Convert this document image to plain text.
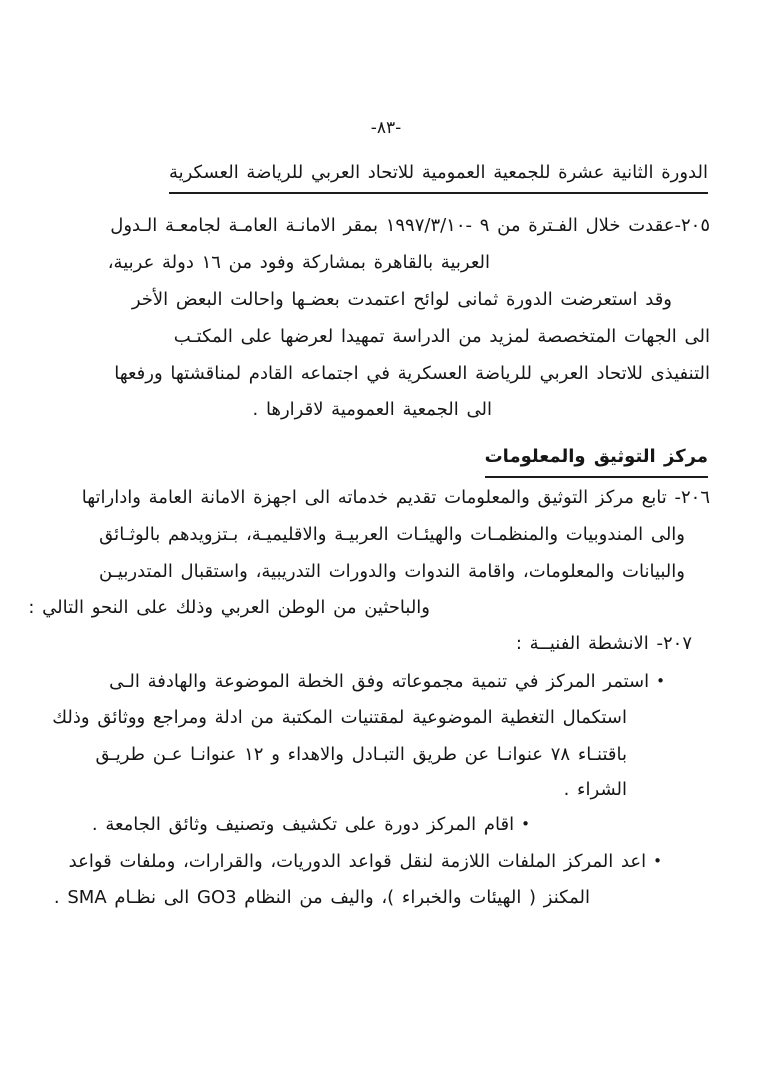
-٨٣-
الدورة الثانية عشرة للجمعية العمومية للاتحاد العربي للرياضة العسكرية
٢٠٥-عقدت خلال الفـترة من ٩ -١٩٩٧/٣/١٠ بمقر الامانـة العامـة لجامعـة الـدول
العربية بالقاهرة بمشاركة وفود من ١٦ دولة عربية،
وقد استعرضت الدورة ثمانى لوائح اعتمدت بعضـها واحالت البعض الأخر
الى الجهات المتخصصة لمزيد من الدراسة تمهيدا لعرضها على المكتـب
التنفيذى للاتحاد العربي للرياضة العسكرية في اجتماعه القادم لمناقشتها ورفعها
الى الجمعية العمومية لاقرارها .
مركز التوثيق والمعلومات
٢٠٦- تابع مركز التوثيق والمعلومات تقديم خدماته الى اجهزة الامانة العامة واداراتها
والى المندوبيات والمنظمـات والهيئـات العربيـة والاقليميـة، بـتزويدهم بالوثـائق
والبيانات والمعلومات، واقامة الندوات والدورات التدريبية، واستقبال المتدربيـن
والباحثين من الوطن العربي وذلك على النحو التالي :
٢٠٧- الانشطة الفنيــة :
•استمر المركز في تنمية مجموعاته وفق الخطة الموضوعة والهادفة الـى
استكمال التغطية الموضوعية لمقتنيات المكتبة من ادلة ومراجع ووثائق وذلك
باقتنـاء ٧٨ عنوانـا عن طريق التبـادل والاهداء و ١٢ عنوانـا عـن طريـق
الشراء .
•اقام المركز دورة على تكشيف وتصنيف وثائق الجامعة .
•اعد المركز الملفات اللازمة لنقل قواعد الدوريات، والقرارات، وملفات قواعد
المكنز ( الهيئات والخبراء )، واليف من النظام GO3 الى نظـام SMA .
